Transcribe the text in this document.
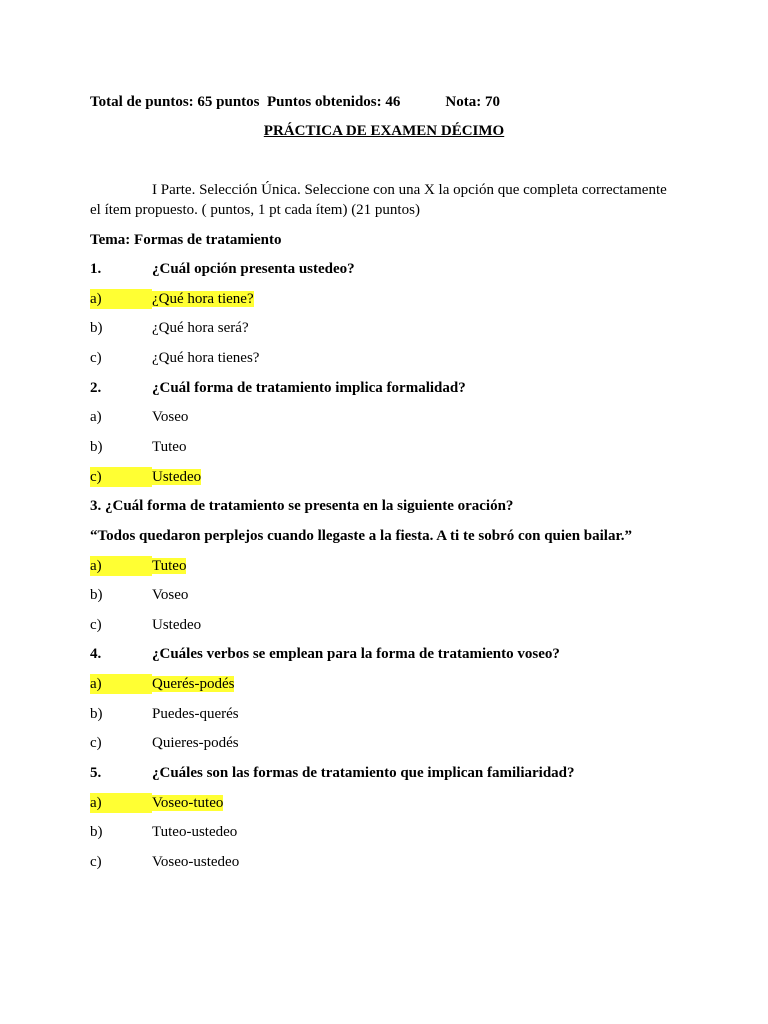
Total de puntos: 65 puntos Puntos obtenidos: 46	Nota: 70
PRÁCTICA DE EXAMEN DÉCIMO
I Parte. Selección Única. Seleccione con una X la opción que completa correctamente el ítem propuesto. ( puntos, 1 pt cada ítem) (21 puntos)
Tema: Formas de tratamiento
1.	¿Cuál opción presenta ustedeo?
a)	¿Qué hora tiene?
b)	¿Qué hora será?
c)	¿Qué hora tienes?
2.	¿Cuál forma de tratamiento implica formalidad?
a)	Voseo
b)	Tuteo
c)	Ustedeo
3. ¿Cuál forma de tratamiento se presenta en la siguiente oración?
“Todos quedaron perplejos cuando llegaste a la fiesta. A ti te sobró con quien bailar.”
a)	Tuteo
b)	Voseo
c)	Ustedeo
4.	¿Cuáles verbos se emplean para la forma de tratamiento voseo?
a)	Querés-podés
b)	Puedes-querés
c)	Quieres-podés
5.	¿Cuáles son las formas de tratamiento que implican familiaridad?
a)	Voseo-tuteo
b)	Tuteo-ustedeo
c)	Voseo-ustedeo
